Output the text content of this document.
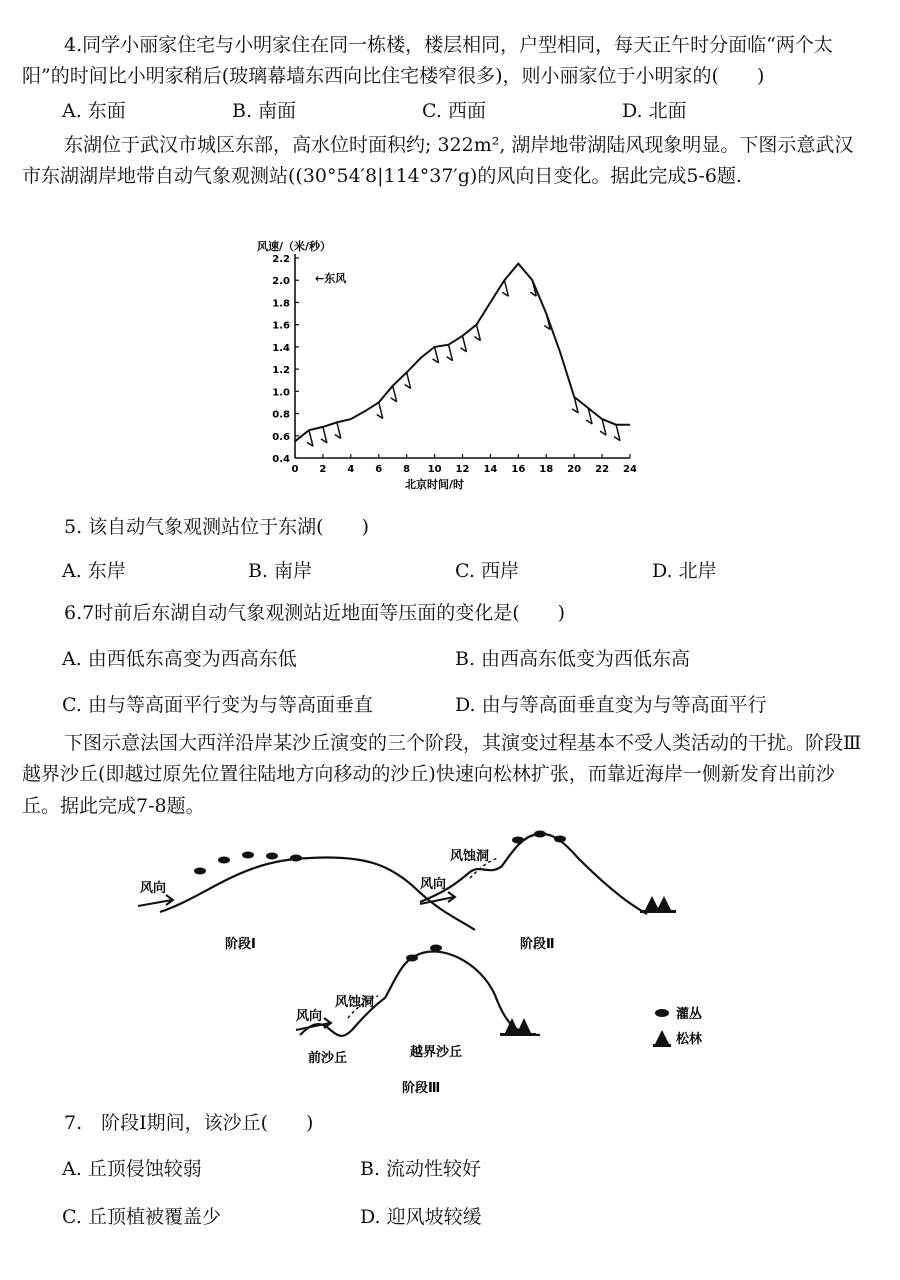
4.同学小丽家住宅与小明家住在同一栋楼，楼层相同，户型相同，每天正午时分面临“两个太阳”的时间比小明家稍后(玻璃幕墙东西向比住宅楼窄很多)，则小丽家位于小明家的(　　)

A. 东面	B. 南面	C. 西面	D. 北面

东湖位于武汉市城区东部，高水位时面积约; 322m², 湖岸地带湖陆风现象明显。下图示意武汉市东湖湖岸地带自动气象观测站((30°54′8|114°37′g)的风向日变化。据此完成5-6题.

风速/（米/秒）
0.4
0.6
0.8
1.0
1.2
1.4
1.6
1.8
2.0
2.2
0 2 4 6 8 10 12 14 16 18 20 22 24
←东风
北京时间/时

5. 该自动气象观测站位于东湖(　　)

A. 东岸	B. 南岸	C. 西岸	D. 北岸

6.7时前后东湖自动气象观测站近地面等压面的变化是(　　)

A. 由西低东高变为西高东低	B. 由西高东低变为西低东高
C. 由与等高面平行变为与等高面垂直	D. 由与等高面垂直变为与等高面平行

下图示意法国大西洋沿岸某沙丘演变的三个阶段，其演变过程基本不受人类活动的干扰。阶段Ⅲ越界沙丘(即越过原先位置往陆地方向移动的沙丘)快速向松林扩张，而靠近海岸一侧新发育出前沙丘。据此完成7-8题。

风向
阶段Ⅰ
风蚀洞
风向
阶段Ⅱ
风蚀洞
风向
前沙丘	越界沙丘
阶段Ⅲ
灌丛
松林

7.　阶段Ⅰ期间，该沙丘(　　)

A. 丘顶侵蚀较弱	B. 流动性较好
C. 丘顶植被覆盖少	D. 迎风坡较缓
